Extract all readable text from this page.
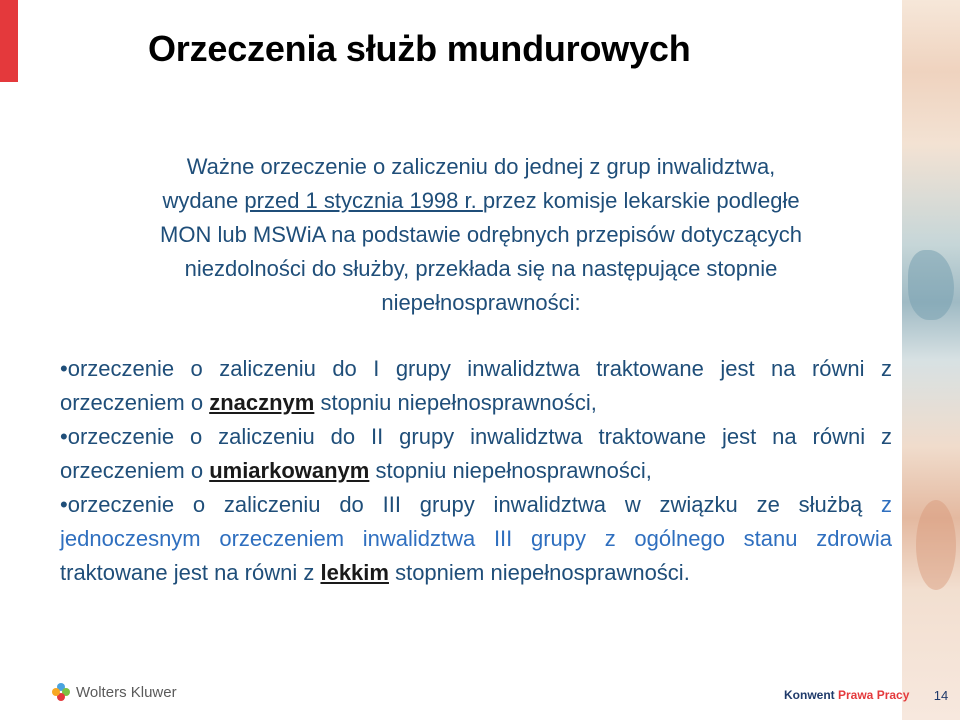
Orzeczenia służb mundurowych
Ważne orzeczenie o zaliczeniu do jednej z grup inwalidztwa,
wydane przed 1 stycznia 1998 r. przez komisje lekarskie podległe
MON lub MSWiA na podstawie odrębnych przepisów dotyczących
niezdolności do służby, przekłada się na następujące stopnie
niepełnosprawności:

•orzeczenie o zaliczeniu do I grupy inwalidztwa traktowane jest na równi z orzeczeniem o znacznym stopniu niepełnosprawności,

•orzeczenie o zaliczeniu do II grupy inwalidztwa traktowane jest na równi z orzeczeniem o umiarkowanym stopniu niepełnosprawności,

•orzeczenie o zaliczeniu do III grupy inwalidztwa w związku ze służbą z jednoczesnym orzeczeniem inwalidztwa III grupy z ogólnego stanu zdrowia traktowane jest na równi z lekkim stopniem niepełnosprawności.

Wolters Kluwer	Konwent Prawa Pracy	14
